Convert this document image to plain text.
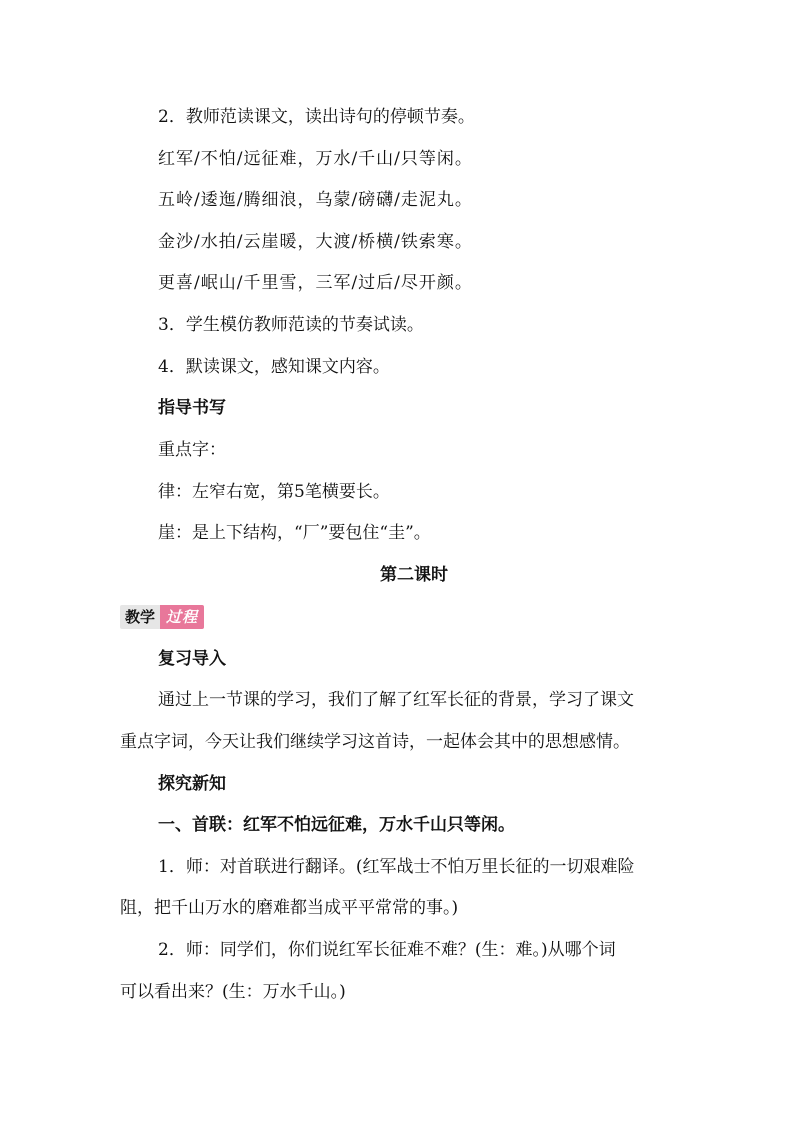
2．教师范读课文，读出诗句的停顿节奏。
红军/不怕/远征难，万水/千山/只等闲。
五岭/逶迤/腾细浪，乌蒙/磅礴/走泥丸。
金沙/水拍/云崖暖，大渡/桥横/铁索寒。
更喜/岷山/千里雪，三军/过后/尽开颜。
3．学生模仿教师范读的节奏试读。
4．默读课文，感知课文内容。
指导书写
重点字：
律：左窄右宽，第5笔横要长。
崖：是上下结构，“厂”要包住“圭”。
第二课时
教学 过程
复习导入
通过上一节课的学习，我们了解了红军长征的背景，学习了课文
重点字词，今天让我们继续学习这首诗，一起体会其中的思想感情。
探究新知
一、首联：红军不怕远征难，万水千山只等闲。
1．师：对首联进行翻译。(红军战士不怕万里长征的一切艰难险
阻，把千山万水的磨难都当成平平常常的事。)
2．师：同学们，你们说红军长征难不难？(生：难。)从哪个词
可以看出来？(生：万水千山。)
